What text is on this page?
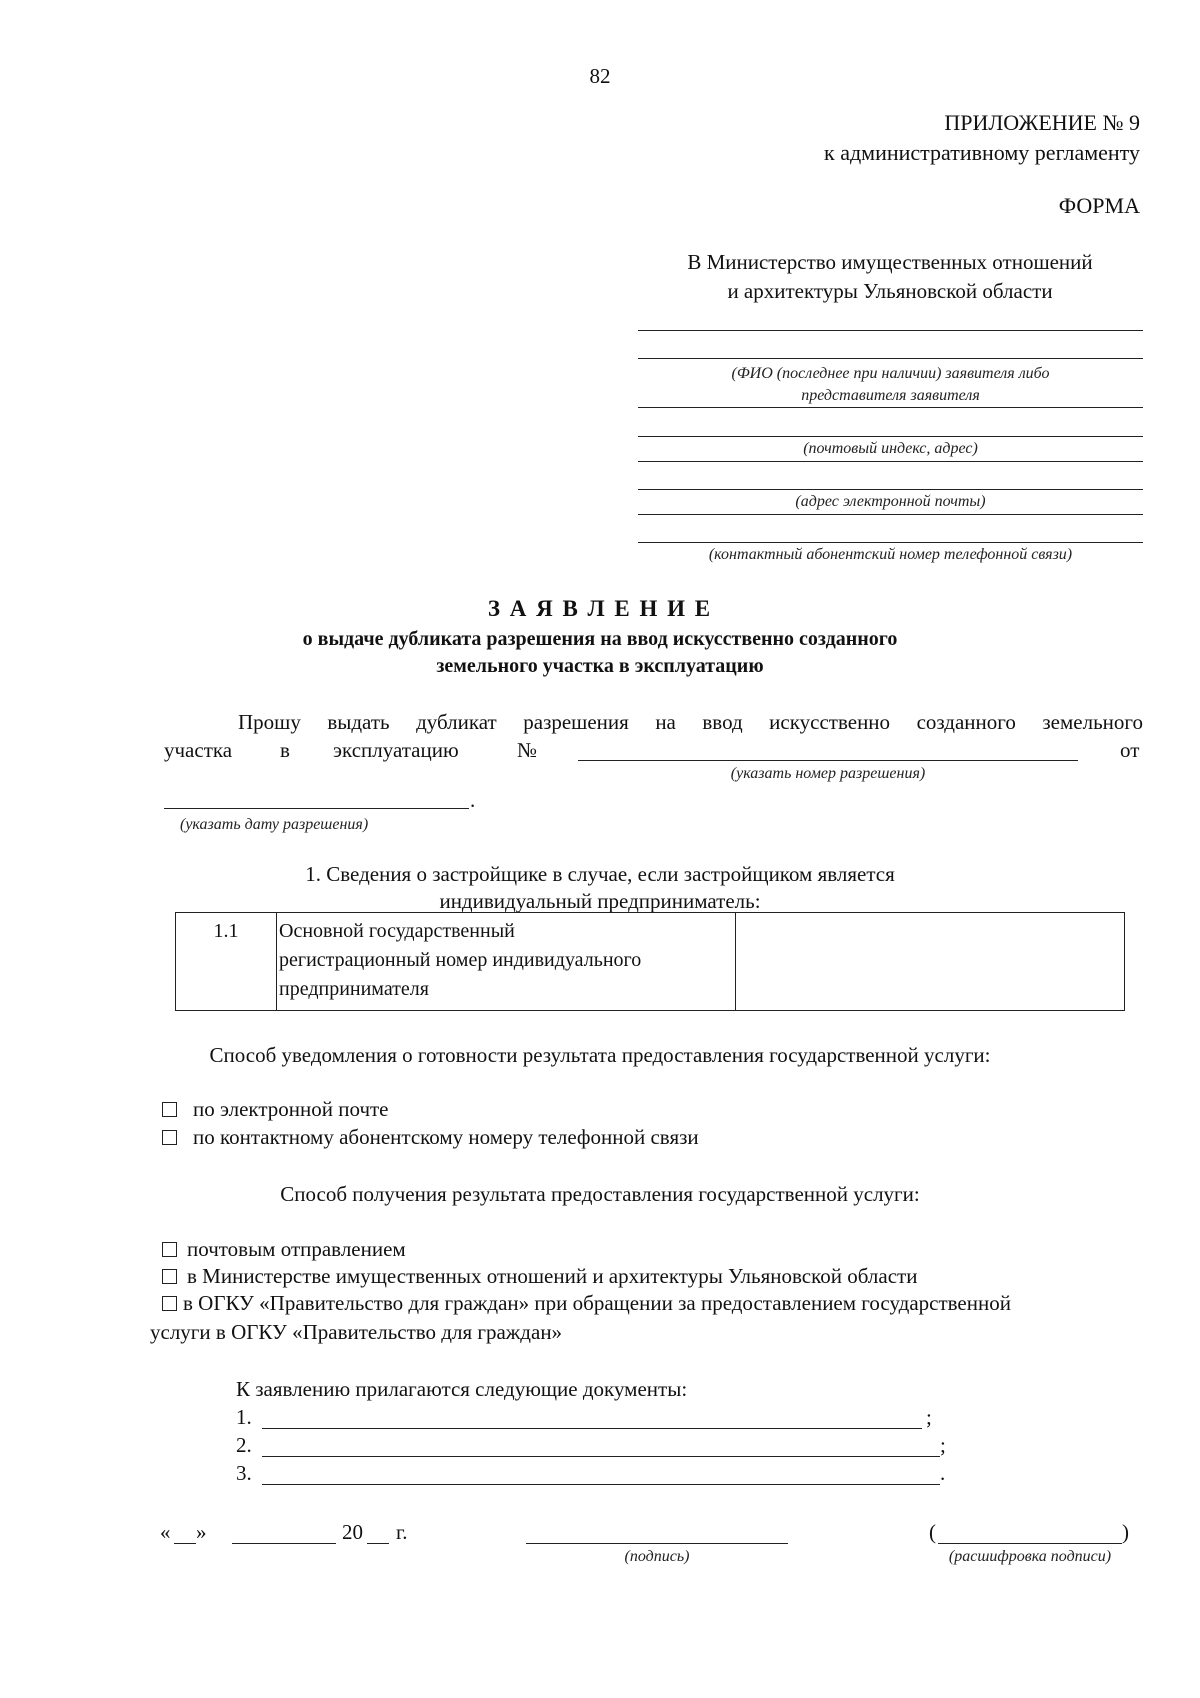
82
ПРИЛОЖЕНИЕ № 9
к административному регламенту
ФОРМА
В Министерство имущественных отношений
и архитектуры Ульяновской области
(ФИО (последнее при наличии) заявителя либо
представителя заявителя
(почтовый индекс, адрес)
(адрес электронной почты)
(контактный абонентский номер телефонной связи)
З А Я В Л Е Н И Е
о выдаче дубликата разрешения на ввод искусственно созданного
земельного участка в эксплуатацию
Прошу выдать дубликат разрешения на ввод искусственно созданного земельного
участка в эксплуатацию	№	от
(указать номер разрешения)
.
(указать дату разрешения)
1. Сведения о застройщике в случае, если застройщиком является
индивидуальный предприниматель:
1.1	Основной государственный
регистрационный номер индивидуального
предпринимателя

Способ уведомления о готовности результата предоставления государственной услуги:
по электронной почте
по контактному абонентскому номеру телефонной связи
Способ получения результата предоставления государственной услуги:
почтовым отправлением
в Министерстве имущественных отношений и архитектуры Ульяновской области
в ОГКУ «Правительство для граждан» при обращении за предоставлением государственной
услуги в ОГКУ «Правительство для граждан»
К заявлению прилагаются следующие документы:
1.	;
2.	;
3.	.
« »	20 г.
(подпись)
(	)
(расшифровка подписи)
